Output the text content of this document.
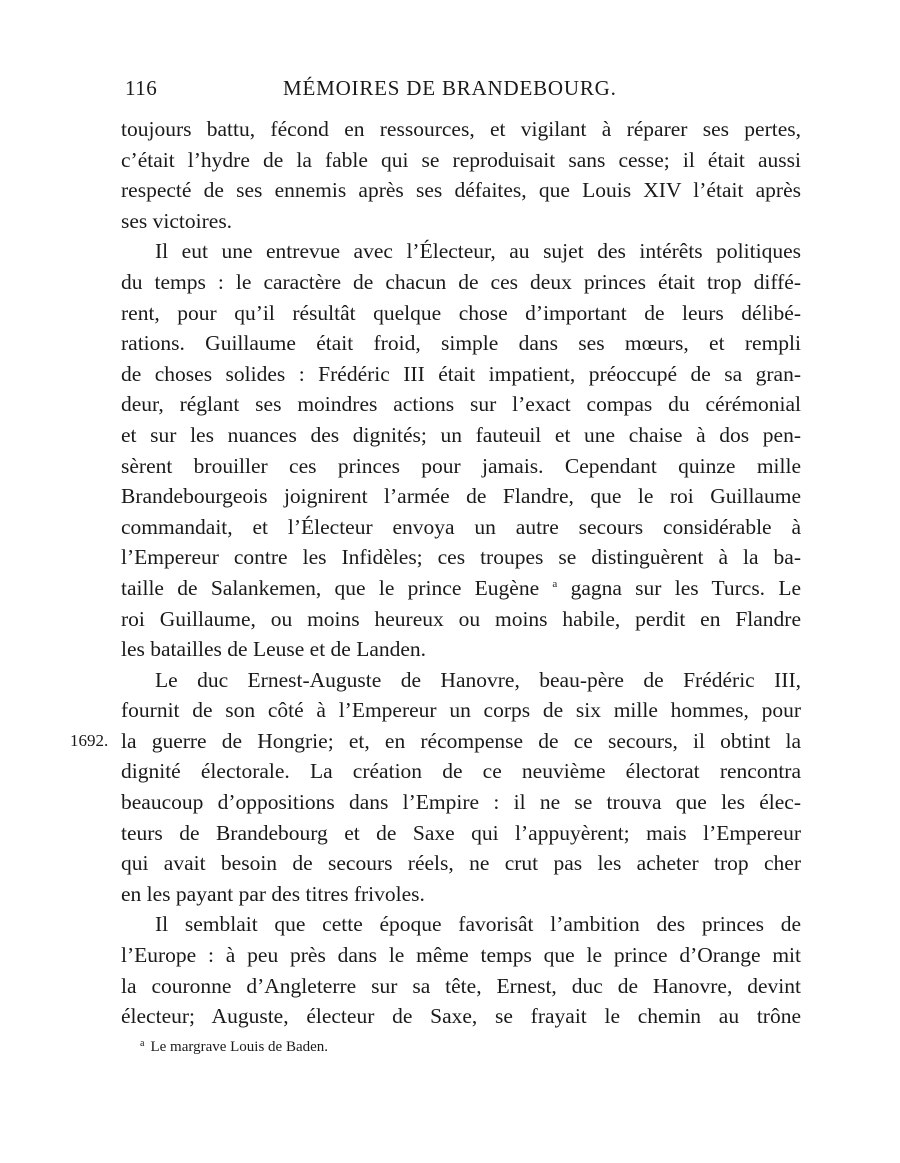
116	MÉMOIRES DE BRANDEBOURG.
toujours battu, fécond en ressources, et vigilant à réparer ses pertes,
c’était l’hydre de la fable qui se reproduisait sans cesse; il était aussi
respecté de ses ennemis après ses défaites, que Louis XIV l’était après
ses victoires.
Il eut une entrevue avec l’Électeur, au sujet des intérêts politiques
du temps : le caractère de chacun de ces deux princes était trop diffé-
rent, pour qu’il résultât quelque chose d’important de leurs délibé-
rations. Guillaume était froid, simple dans ses mœurs, et rempli
de choses solides : Frédéric III était impatient, préoccupé de sa gran-
deur, réglant ses moindres actions sur l’exact compas du cérémonial
et sur les nuances des dignités; un fauteuil et une chaise à dos pen-
sèrent brouiller ces princes pour jamais. Cependant quinze mille
Brandebourgeois joignirent l’armée de Flandre, que le roi Guillaume
commandait, et l’Électeur envoya un autre secours considérable à
l’Empereur contre les Infidèles; ces troupes se distinguèrent à la ba-
taille de Salankemen, que le prince Eugène $^a$ gagna sur les Turcs. Le
roi Guillaume, ou moins heureux ou moins habile, perdit en Flandre
les batailles de Leuse et de Landen.
Le duc Ernest-Auguste de Hanovre, beau-père de Frédéric III,
fournit de son côté à l’Empereur un corps de six mille hommes, pour
la guerre de Hongrie; et, en récompense de ce secours, il obtint la
dignité électorale. La création de ce neuvième électorat rencontra
beaucoup d’oppositions dans l’Empire : il ne se trouva que les élec-
teurs de Brandebourg et de Saxe qui l’appuyèrent; mais l’Empereur
qui avait besoin de secours réels, ne crut pas les acheter trop cher
en les payant par des titres frivoles.
Il semblait que cette époque favorisât l’ambition des princes de
l’Europe : à peu près dans le même temps que le prince d’Orange mit
la couronne d’Angleterre sur sa tête, Ernest, duc de Hanovre, devint
électeur; Auguste, électeur de Saxe, se frayait le chemin au trône
1692.
$^a$ Le margrave Louis de Baden.
